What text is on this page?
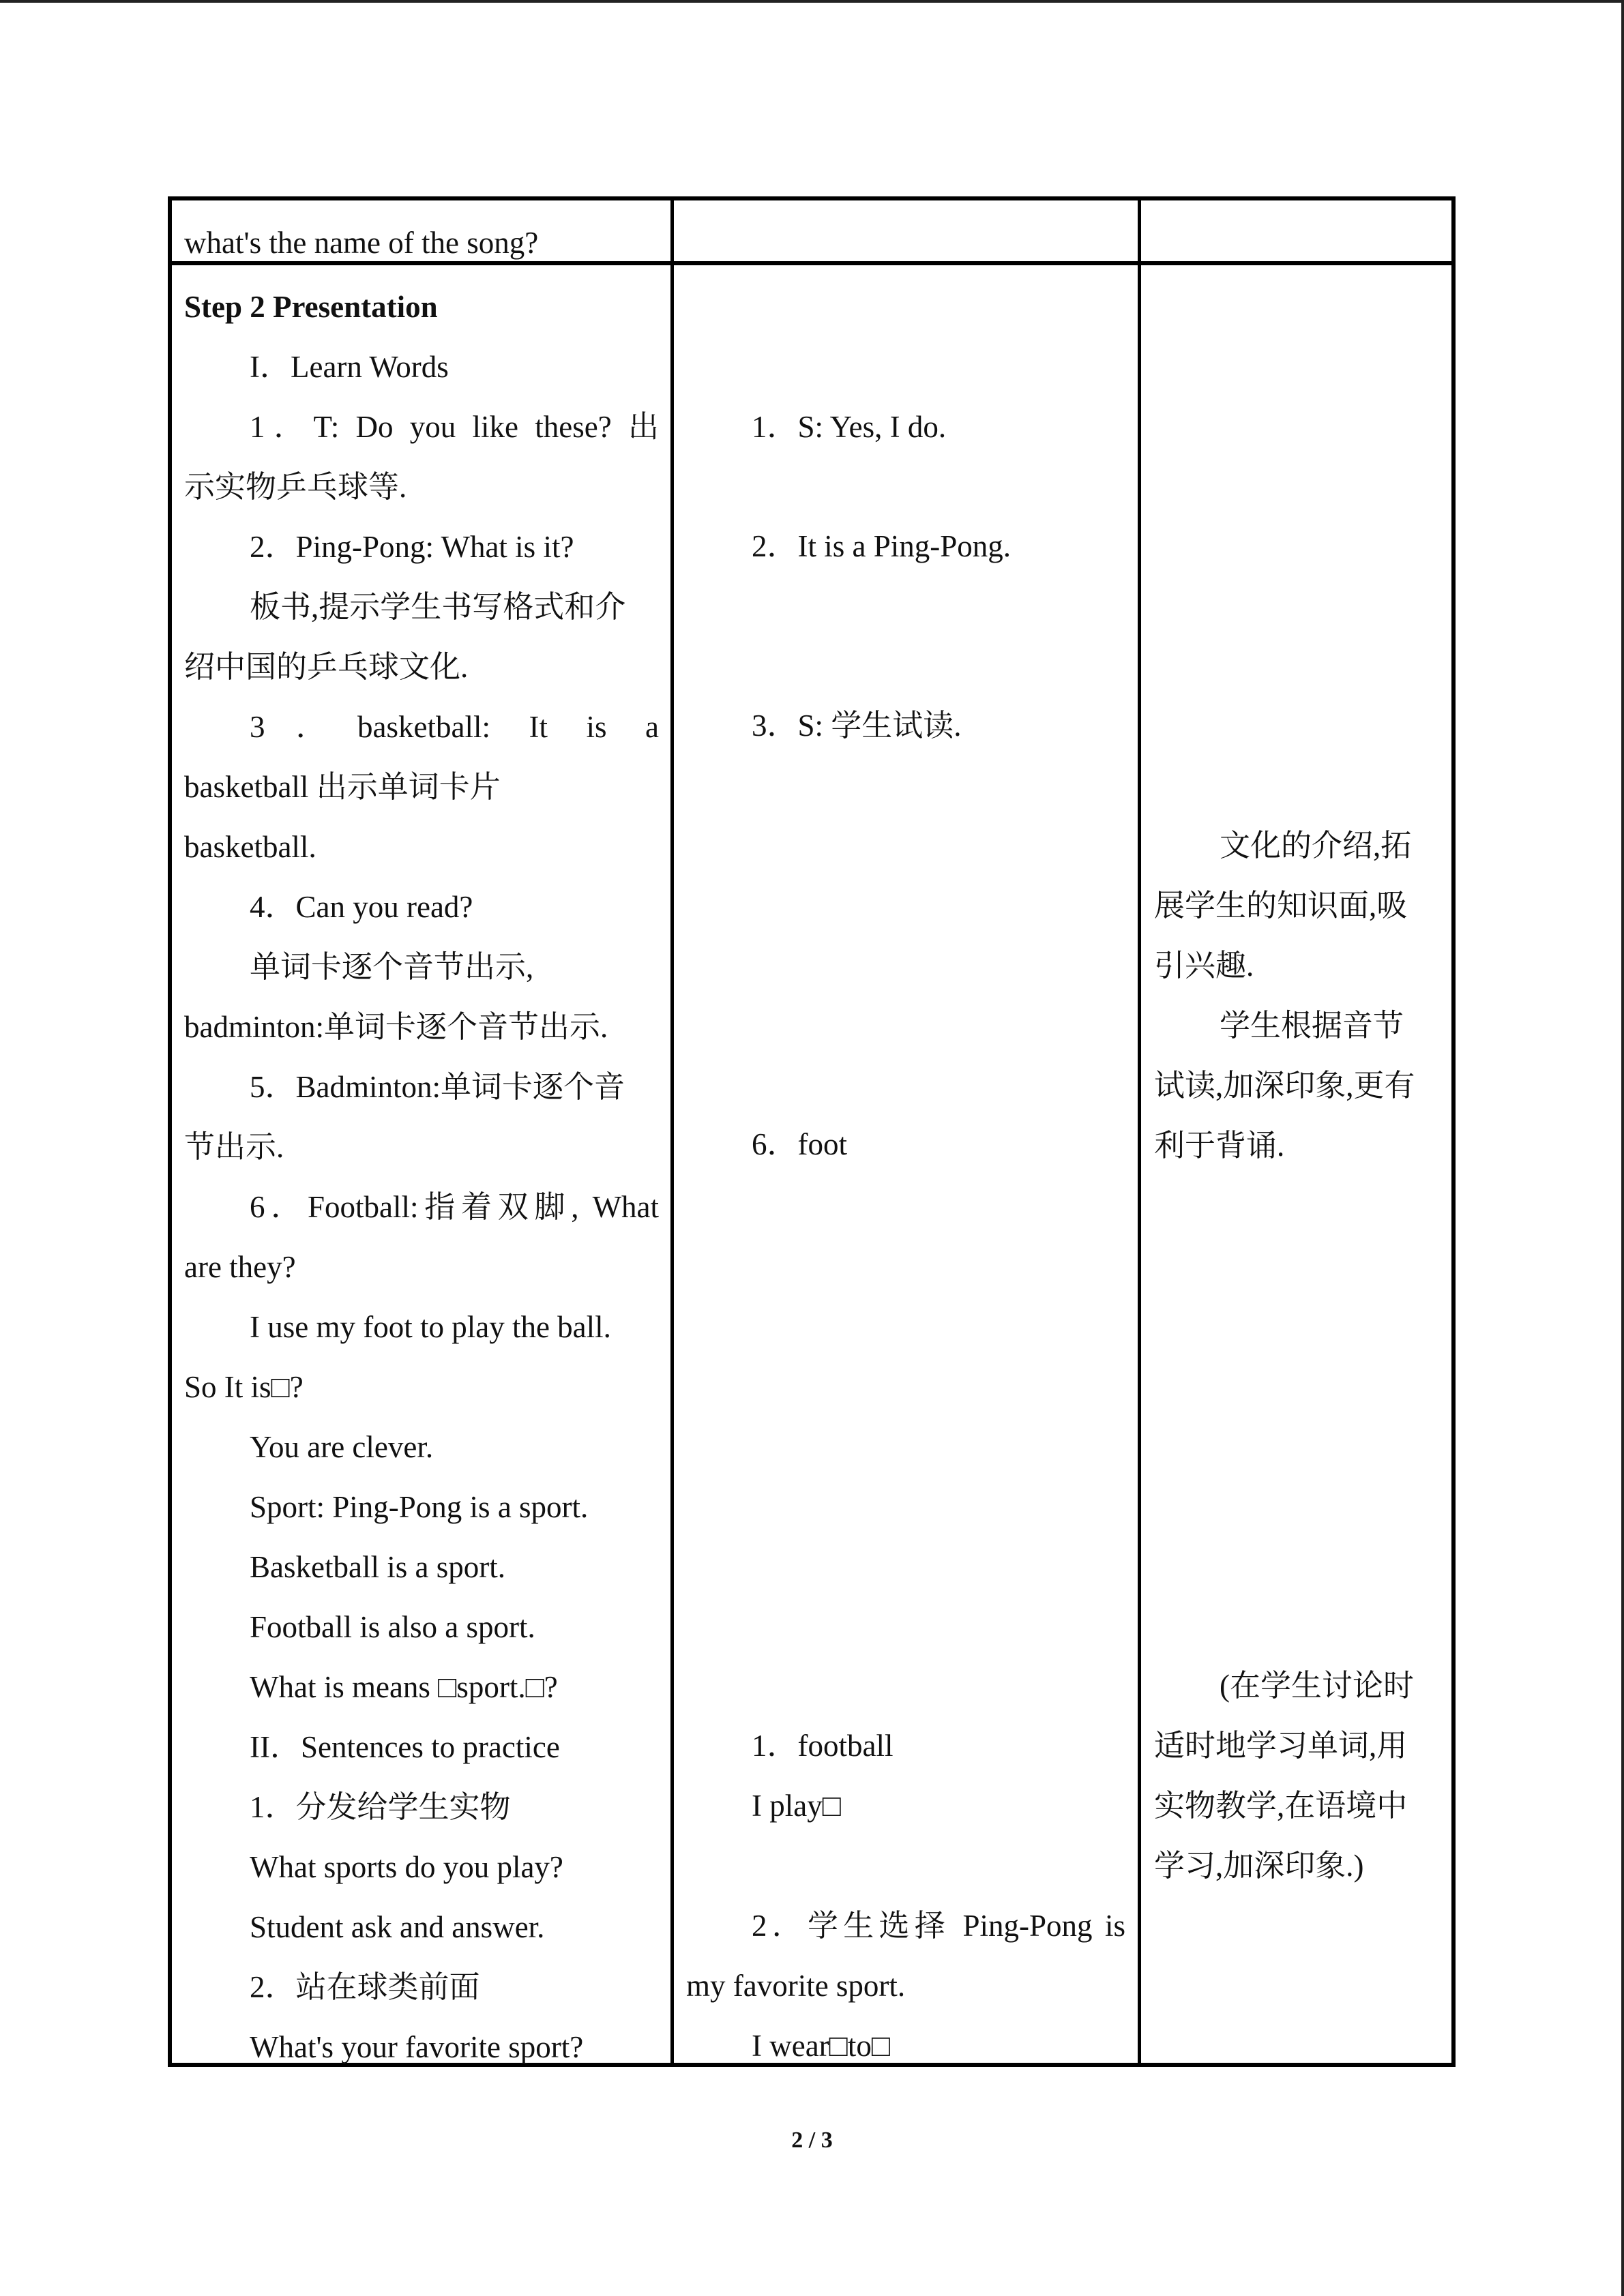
what's the name of the song?
Step 2 Presentation
I．Learn Words
1．T: Do you like these? 出
示实物乒乓球等.
2．Ping-Pong: What is it?
板书,提示学生书写格式和介
绍中国的乒乓球文化.
3．basketball: It is a
basketball 出示单词卡片
basketball.
4．Can you read?
单词卡逐个音节出示,
badminton:单词卡逐个音节出示.
5．Badminton:单词卡逐个音
节出示.
6．Football:指着双脚, What
are they?
I use my foot to play the ball.
So It is□?
You are clever.
Sport: Ping-Pong is a sport.
Basketball is a sport.
Football is also a sport.
What is means □sport.□?
II．Sentences to practice
1．分发给学生实物
What sports do you play?
Student ask and answer.
2．站在球类前面
What's your favorite sport?
1．S: Yes, I do.
2．It is a Ping-Pong.
3．S: 学生试读.
6．foot
1．football
I play□
2．学生选择 Ping-Pong is
my favorite sport.
I wear□to□
文化的介绍,拓
展学生的知识面,吸
引兴趣.
学生根据音节
试读,加深印象,更有
利于背诵.
(在学生讨论时
适时地学习单词,用
实物教学,在语境中
学习,加深印象.)
2 / 3
